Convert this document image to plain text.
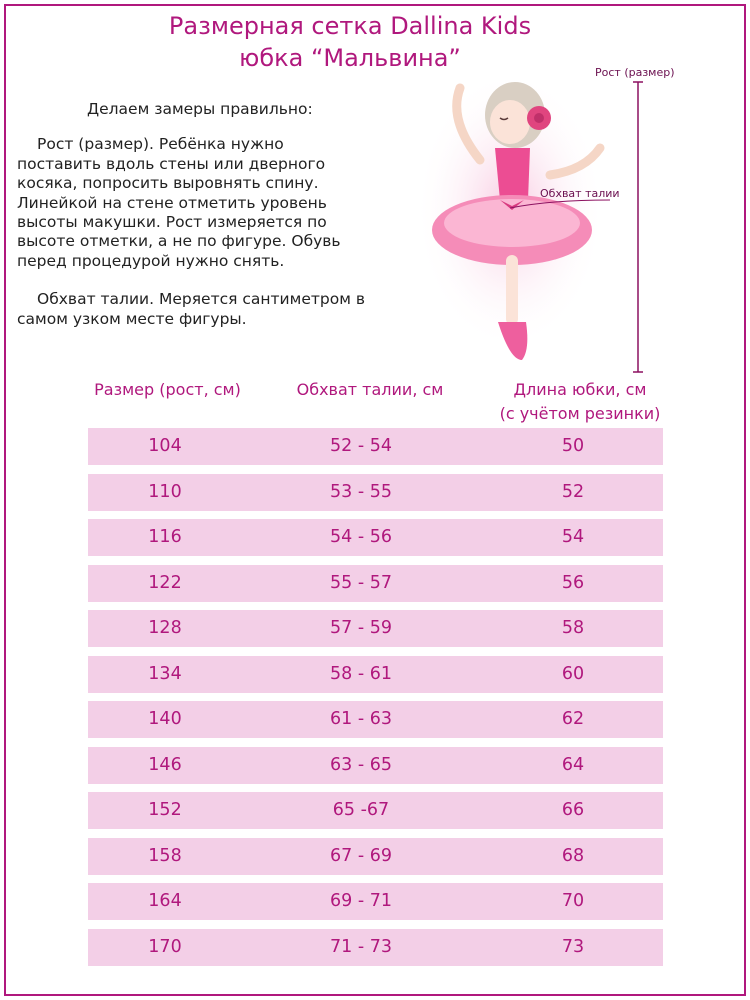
Размерная сетка Dallina Kids
юбка “Мальвина”

Делаем замеры правильно:

Рост (размер). Ребёнка нужно поставить вдоль стены или дверного косяка, попросить выровнять спину. Линейкой на стене отметить уровень высоты макушки. Рост измеряется по высоте отметки, а не по фигуре. Обувь перед процедурой нужно снять.

Обхват талии. Меряется сантиметром в самом узком месте фигуры.

Рост (размер)
Обхват талии
Размер (рост, см)	Обхват талии, см	Длина юбки, см
(с учётом резинки)
104	52 - 54	50
110	53 - 55	52
116	54 - 56	54
122	55 - 57	56
128	57 - 59	58
134	58 - 61	60
140	61 - 63	62
146	63 - 65	64
152	65 -67	66
158	67 - 69	68
164	69 - 71	70
170	71 - 73	73
